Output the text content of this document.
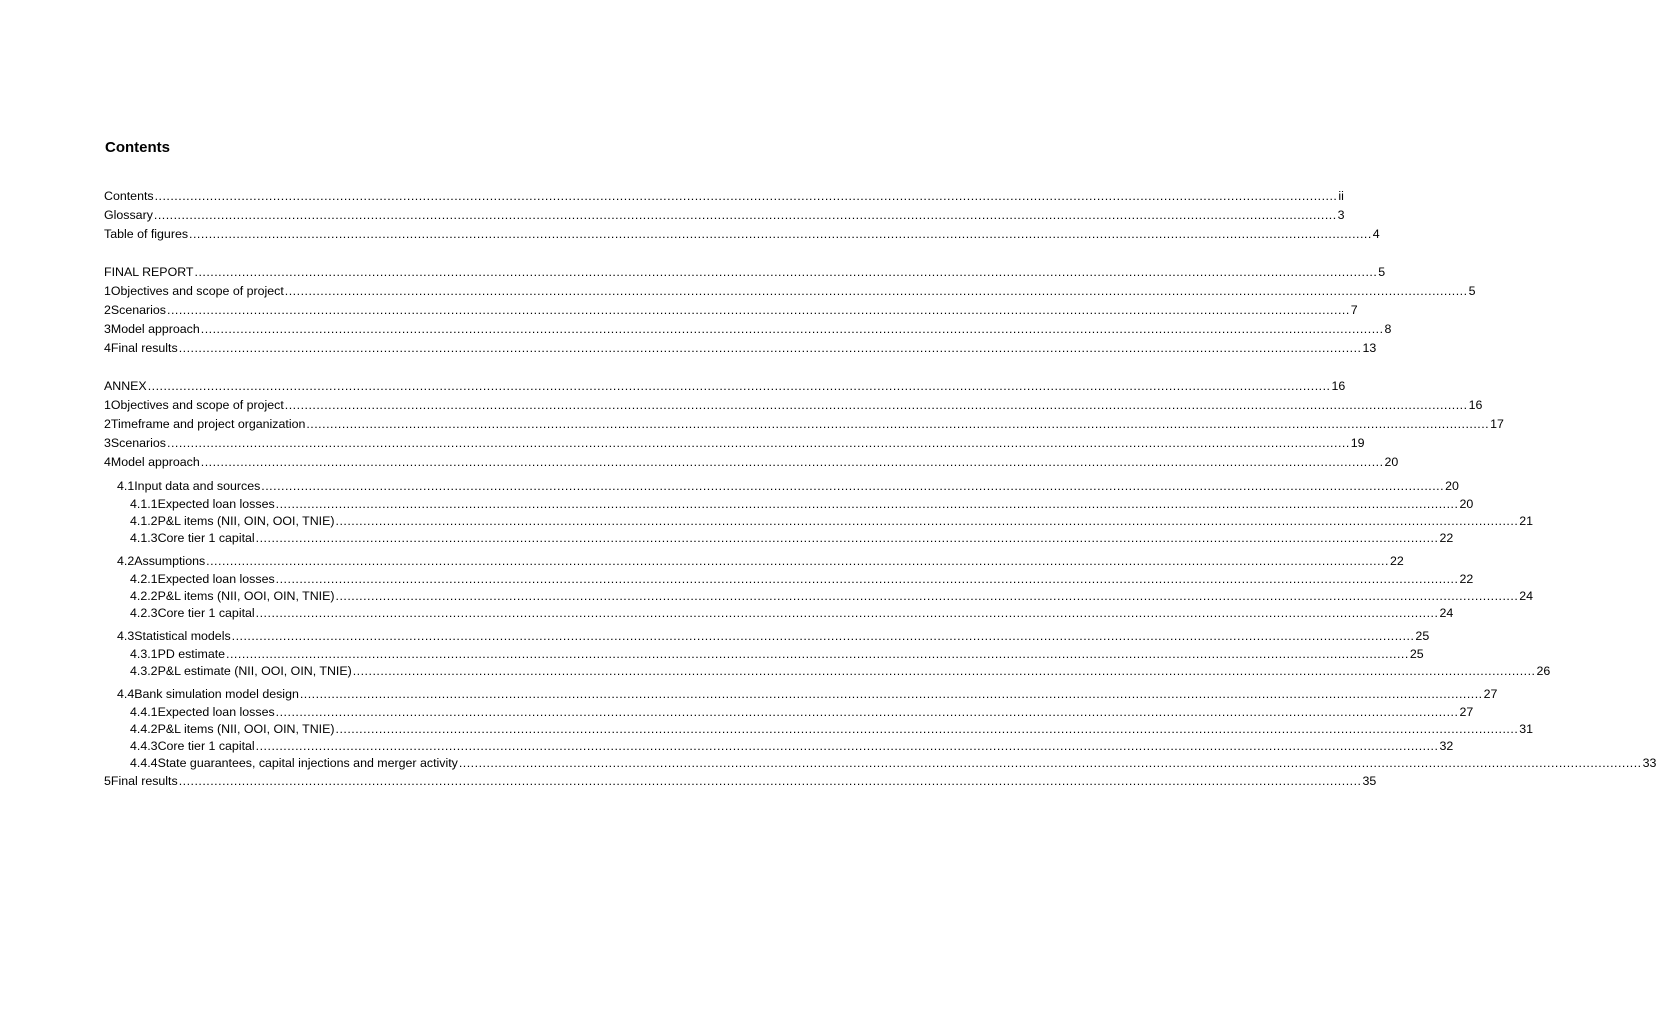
Contents
Contents ............................................................................................................................................................................................................................................................................................................ ii
Glossary ............................................................................................................................................................................................................................................................................................................ 3
Table of figures ............................................................................................................................................................................................................................................................................................................ 4
FINAL REPORT ............................................................................................................................................................................................................................................................................................................ 5
1 Objectives and scope of project ............................................................................................................................................................................................................................................................................................................ 5
2 Scenarios ............................................................................................................................................................................................................................................................................................................ 7
3 Model approach ............................................................................................................................................................................................................................................................................................................ 8
4 Final results ............................................................................................................................................................................................................................................................................................................ 13
ANNEX ............................................................................................................................................................................................................................................................................................................ 16
1 Objectives and scope of project ............................................................................................................................................................................................................................................................................................................ 16
2 Timeframe and project organization ............................................................................................................................................................................................................................................................................................................ 17
3 Scenarios ............................................................................................................................................................................................................................................................................................................ 19
4 Model approach ............................................................................................................................................................................................................................................................................................................ 20
4.1 Input data and sources ............................................................................................................................................................................................................................................................................................................ 20
4.1.1 Expected loan losses ............................................................................................................................................................................................................................................................................................................ 20
4.1.2 P&L items (NII, OIN, OOI, TNIE) ............................................................................................................................................................................................................................................................................................................ 21
4.1.3 Core tier 1 capital ............................................................................................................................................................................................................................................................................................................ 22
4.2 Assumptions ............................................................................................................................................................................................................................................................................................................ 22
4.2.1 Expected loan losses ............................................................................................................................................................................................................................................................................................................ 22
4.2.2 P&L items (NII, OOI, OIN, TNIE) ............................................................................................................................................................................................................................................................................................................ 24
4.2.3 Core tier 1 capital ............................................................................................................................................................................................................................................................................................................ 24
4.3 Statistical models ............................................................................................................................................................................................................................................................................................................ 25
4.3.1 PD estimate ............................................................................................................................................................................................................................................................................................................ 25
4.3.2 P&L estimate (NII, OOI, OIN, TNIE) ............................................................................................................................................................................................................................................................................................................ 26
4.4 Bank simulation model design ............................................................................................................................................................................................................................................................................................................ 27
4.4.1 Expected loan losses ............................................................................................................................................................................................................................................................................................................ 27
4.4.2 P&L items (NII, OOI, OIN, TNIE) ............................................................................................................................................................................................................................................................................................................ 31
4.4.3 Core tier 1 capital ............................................................................................................................................................................................................................................................................................................ 32
4.4.4 State guarantees, capital injections and merger activity ............................................................................................................................................................................................................................................................................................................ 33
5 Final results ............................................................................................................................................................................................................................................................................................................ 35
